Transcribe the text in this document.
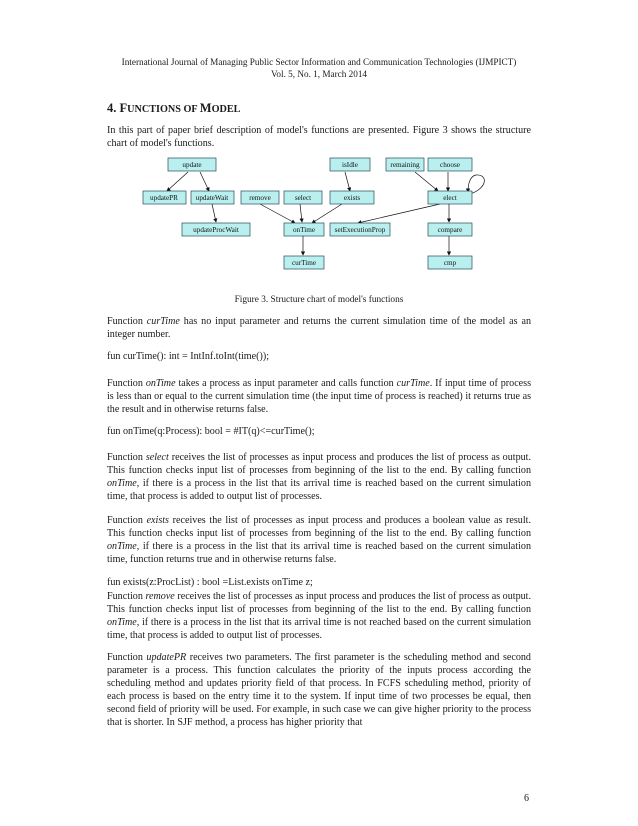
International Journal of Managing Public Sector Information and Communication Technologies (IJMPICT)
Vol. 5, No. 1, March 2014
4. FUNCTIONS OF MODEL
In this part of paper brief description of model's functions are presented. Figure 3 shows the structure chart of model's functions.
update	isIdle	remaining	choose
updatePR updateWait	remove	select	exists	elect
updateProcWait	onTime	setExecutionProp	compare
curTime	cmp
Figure 3. Structure chart of model's functions
Function curTime has no input parameter and returns the current simulation time of the model as an integer number.
fun curTime(): int = IntInf.toInt(time());
Function onTime takes a process as input parameter and calls function curTime. If input time of process is less than or equal to the current simulation time (the input time of process is reached) it returns true as the result and in otherwise returns false.
fun onTime(q:Process): bool = #IT(q)<=curTime();
Function select receives the list of processes as input process and produces the list of process as output. This function checks input list of processes from beginning of the list to the end. By calling function onTime, if there is a process in the list that its arrival time is reached based on the current simulation time, that process is added to output list of processes.
Function exists receives the list of processes as input process and produces a boolean value as result. This function checks input list of processes from beginning of the list to the end. By calling function onTime, if there is a process in the list that its arrival time is reached based on the current simulation time, function returns true and in otherwise returns false.
fun exists(z:ProcList) : bool =List.exists onTime z;
Function remove receives the list of processes as input process and produces the list of process as output. This function checks input list of processes from beginning of the list to the end. By calling function onTime, if there is a process in the list that its arrival time is not reached based on the current simulation time, that process is added to output list of processes.
Function updatePR receives two parameters. The first parameter is the scheduling method and second parameter is a process. This function calculates the priority of the inputs process according the scheduling method and updates priority field of that process. In FCFS scheduling method, priority of each process is based on the entry time it to the system. If input time of two processes be equal, then second field of priority will be used. For example, in such case we can give higher priority to the process that is shorter. In SJF method, a process has higher priority that
6
